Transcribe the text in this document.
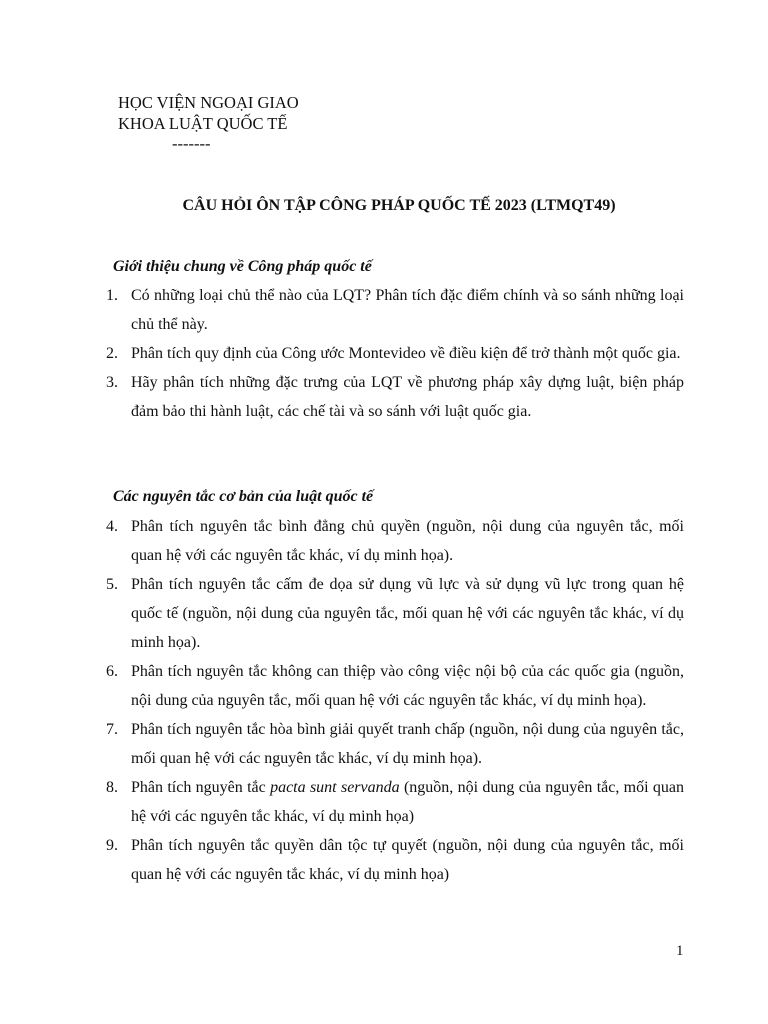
HỌC VIỆN NGOẠI GIAO
KHOA LUẬT QUỐC TẾ
-------
CÂU HỎI ÔN TẬP CÔNG PHÁP QUỐC TẾ 2023 (LTMQT49)
Giới thiệu chung về Công pháp quốc tế
1. Có những loại chủ thể nào của LQT? Phân tích đặc điểm chính và so sánh những loại chủ thể này.
2. Phân tích quy định của Công ước Montevideo về điều kiện để trở thành một quốc gia.
3. Hãy phân tích những đặc trưng của LQT về phương pháp xây dựng luật, biện pháp đảm bảo thi hành luật, các chế tài và so sánh với luật quốc gia.
Các nguyên tắc cơ bản của luật quốc tế
4. Phân tích nguyên tắc bình đẳng chủ quyền (nguồn, nội dung của nguyên tắc, mối quan hệ với các nguyên tắc khác, ví dụ minh họa).
5. Phân tích nguyên tắc cấm đe dọa sử dụng vũ lực và sử dụng vũ lực trong quan hệ quốc tế (nguồn, nội dung của nguyên tắc, mối quan hệ với các nguyên tắc khác, ví dụ minh họa).
6. Phân tích nguyên tắc không can thiệp vào công việc nội bộ của các quốc gia (nguồn, nội dung của nguyên tắc, mối quan hệ với các nguyên tắc khác, ví dụ minh họa).
7. Phân tích nguyên tắc hòa bình giải quyết tranh chấp (nguồn, nội dung của nguyên tắc, mối quan hệ với các nguyên tắc khác, ví dụ minh họa).
8. Phân tích nguyên tắc pacta sunt servanda (nguồn, nội dung của nguyên tắc, mối quan hệ với các nguyên tắc khác, ví dụ minh họa)
9. Phân tích nguyên tắc quyền dân tộc tự quyết (nguồn, nội dung của nguyên tắc, mối quan hệ với các nguyên tắc khác, ví dụ minh họa)
1
